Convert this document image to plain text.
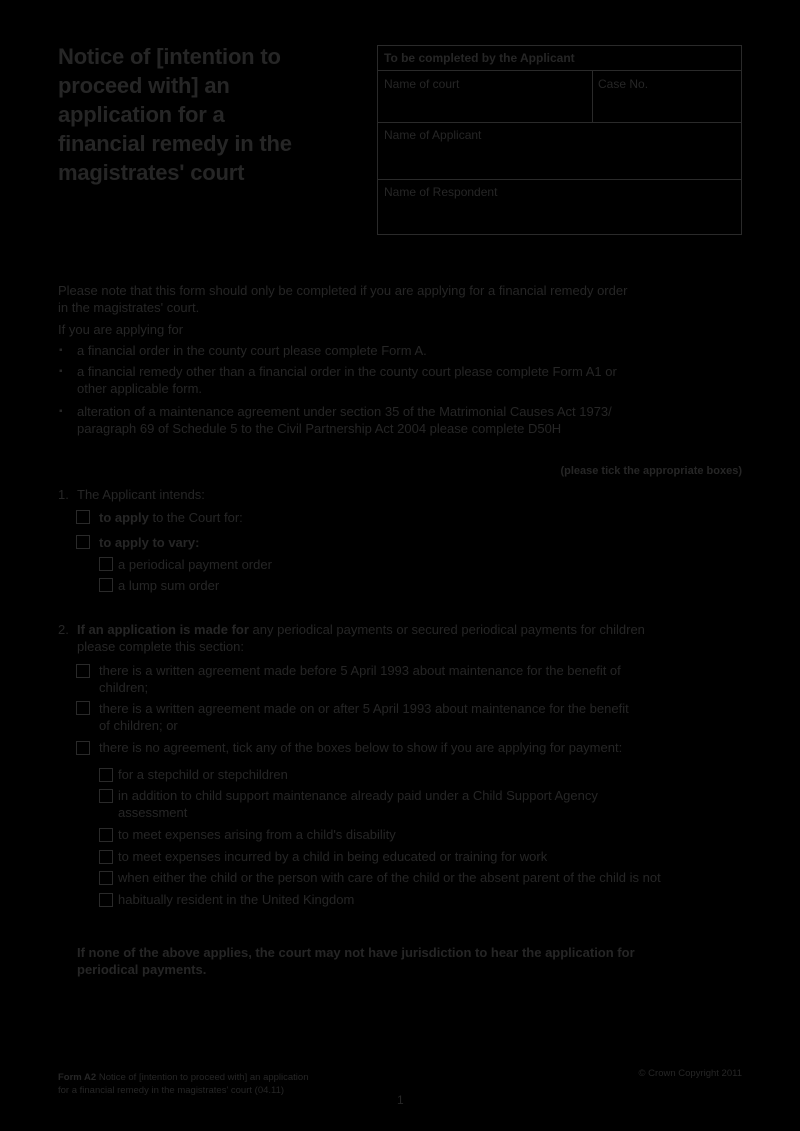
Notice of [intention to
proceed with] an
application for a
financial remedy in the
magistrates' court
To be completed by the Applicant
Name of court	Case No.
Name of Applicant
Name of Respondent
Please note that this form should only be completed if you are applying for a financial remedy order
in the magistrates' court.
If you are applying for
▪ a financial order in the county court please complete Form A.
▪ a financial remedy other than a financial order in the county court please complete Form A1 or
other applicable form.
▪ alteration of a maintenance agreement under section 35 of the Matrimonial Causes Act 1973/
paragraph 69 of Schedule 5 to the Civil Partnership Act 2004 please complete D50H
(please tick the appropriate boxes)
1. The Applicant intends:
to apply to the Court for:
to apply to vary:
a periodical payment order
a lump sum order
2. If an application is made for any periodical payments or secured periodical payments for children
please complete this section:
there is a written agreement made before 5 April 1993 about maintenance for the benefit of
children;
there is a written agreement made on or after 5 April 1993 about maintenance for the benefit
of children; or
there is no agreement, tick any of the boxes below to show if you are applying for payment:
for a stepchild or stepchildren
in addition to child support maintenance already paid under a Child Support Agency
assessment
to meet expenses arising from a child's disability
to meet expenses incurred by a child in being educated or training for work
when either the child or the person with care of the child or the absent parent of the child is not
habitually resident in the United Kingdom
If none of the above applies, the court may not have jurisdiction to hear the application for
periodical payments.
Form A2 Notice of [intention to proceed with] an application
for a financial remedy in the magistrates' court (04.11)
© Crown Copyright 2011
1
